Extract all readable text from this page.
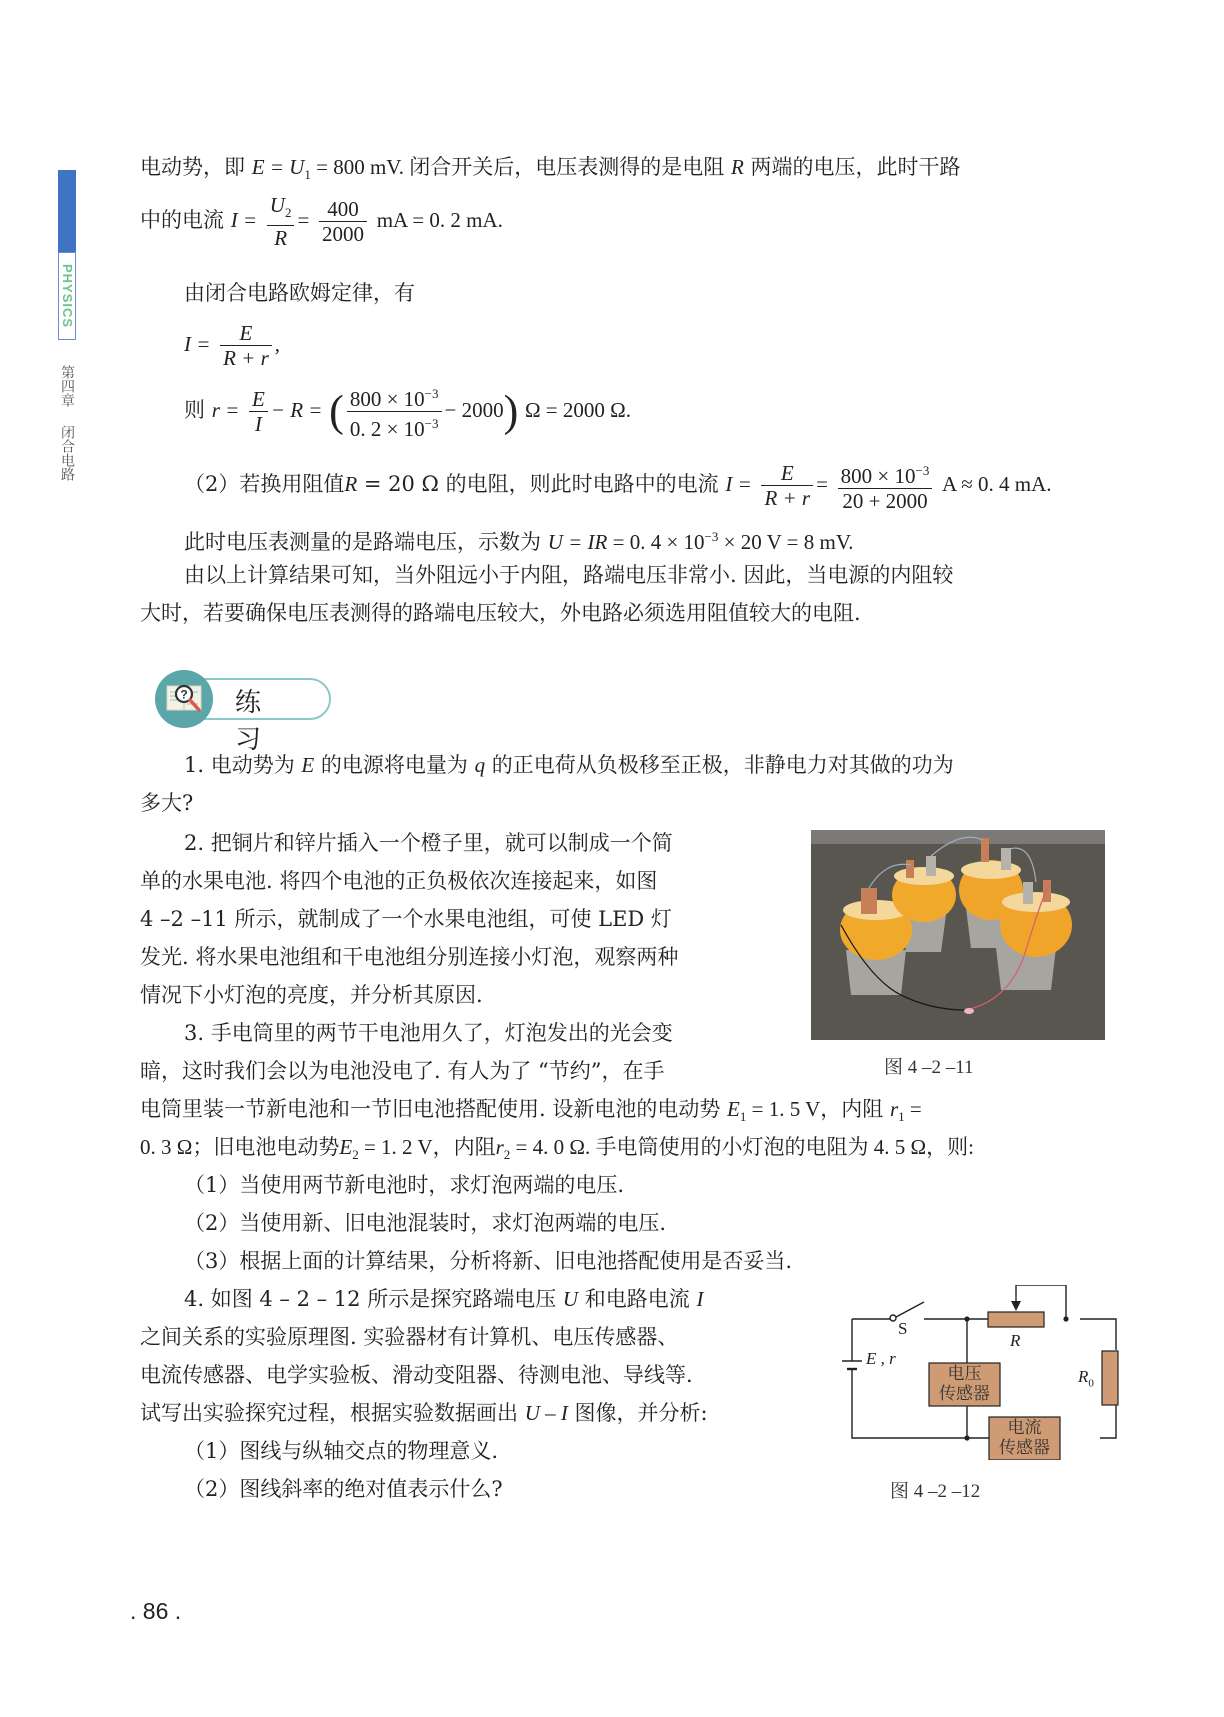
PHYSICS
第四章闭合电路
电动势，即 $E = U_1 = 800$ mV. 闭合开关后，电压表测得的是电阻 R 两端的电压，此时干路
中的电流 $I = \frac{U_2}{R} = \frac{400}{2000}$ mA = 0. 2 mA.
由闭合电路欧姆定律，有
$I = \frac{E}{R + r}$ ,
则 $r = \frac{E}{I} - R$ = ( $\frac{800 \times 10^{-3}}{0. 2 \times 10^{-3}} - 2000$) Ω = 2000 Ω.
（2）若换用阻值R = 20 Ω 的电阻，则此时电路中的电流 $I = \frac{E}{R + r} = \frac{800 \times 10^{-3}}{20 + 2000}$ A ≈ 0. 4 mA.
此时电压表测量的是路端电压，示数为 U = IR = 0. $4 \times 10^{-3} \times 20$ V = 8 mV.
由以上计算结果可知，当外阻远小于内阻，路端电压非常小. 因此，当电源的内阻较
大时，若要确保电压表测得的路端电压较大，外电路必须选用阻值较大的电阻.
练 习
?
1. 电动势为 E 的电源将电量为 q 的正电荷从负极移至正极，非静电力对其做的功为
多大?
2. 把铜片和锌片插入一个橙子里，就可以制成一个简
单的水果电池. 将四个电池的正负极依次连接起来，如图
4 –2 –11 所示，就制成了一个水果电池组，可使 LED 灯
发光. 将水果电池组和干电池组分别连接小灯泡，观察两种
情况下小灯泡的亮度，并分析其原因.
图 4 –2 –11
3. 手电筒里的两节干电池用久了，灯泡发出的光会变
暗，这时我们会以为电池没电了. 有人为了 “节约”，在手
电筒里装一节新电池和一节旧电池搭配使用. 设新电池的电动势 $E_1 = 1$. 5 V，内阻 $r_1$ =
0. 3 Ω；旧电池电动势$E_2 = 1$. 2 V，内阻$r_2 = 4$. 0 Ω. 手电筒使用的小灯泡的电阻为 4. 5 Ω，则:
（1）当使用两节新电池时，求灯泡两端的电压.
（2）当使用新、旧电池混装时，求灯泡两端的电压.
（3）根据上面的计算结果，分析将新、旧电池搭配使用是否妥当.
4. 如图 4 – 2 – 12 所示是探究路端电压 U 和电路电流 I
之间关系的实验原理图. 实验器材有计算机、电压传感器、
电流传感器、电学实验板、滑动变阻器、待测电池、导线等.
试写出实验探究过程，根据实验数据画出 U – I 图像，并分析:
（1）图线与纵轴交点的物理意义.
（2）图线斜率的绝对值表示什么?
S
E , r
R
$R_0$
电压
传感器
电流
传感器
图 4 –2 –12
. 86 .
